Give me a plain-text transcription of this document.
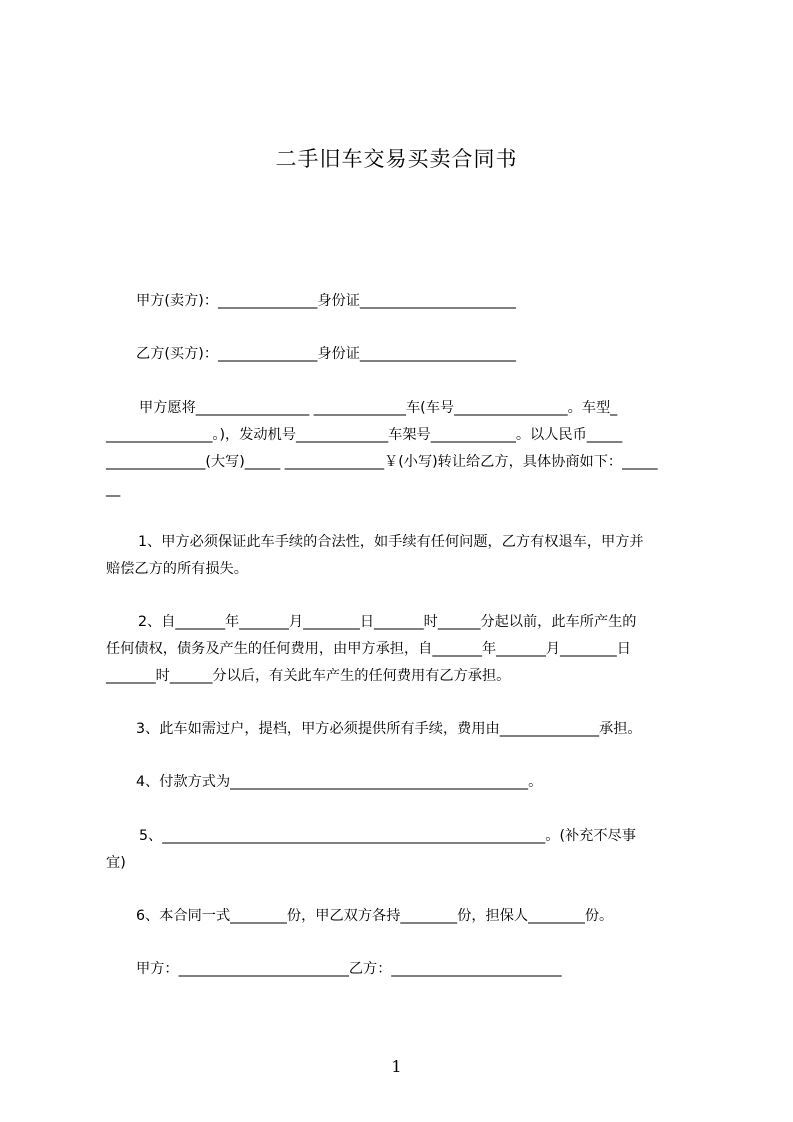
二手旧车交易买卖合同书
甲方(卖方)：______________身份证______________________
乙方(买方)：______________身份证______________________
甲方愿将________________ _____________车(车号________________。车型_
_______________。)，发动机号_____________车架号____________。以人民币_____
______________(大写)_____ ______________￥(小写)转让给乙方，具体协商如下：_____
__
1、甲方必须保证此车手续的合法性，如手续有任何问题，乙方有权退车，甲方并
赔偿乙方的所有损失。
2、自_______年_______月________日_______时______分起以前，此车所产生的
任何债权，债务及产生的任何费用，由甲方承担，自_______年_______月________日
_______时______分以后，有关此车产生的任何费用有乙方承担。
3、此车如需过户，提档，甲方必须提供所有手续，费用由______________承担。
4、付款方式为__________________________________________。
5、______________________________________________________。(补充不尽事
宜)
6、本合同一式________份，甲乙双方各持________份，担保人________份。
甲方：________________________乙方：________________________
1
